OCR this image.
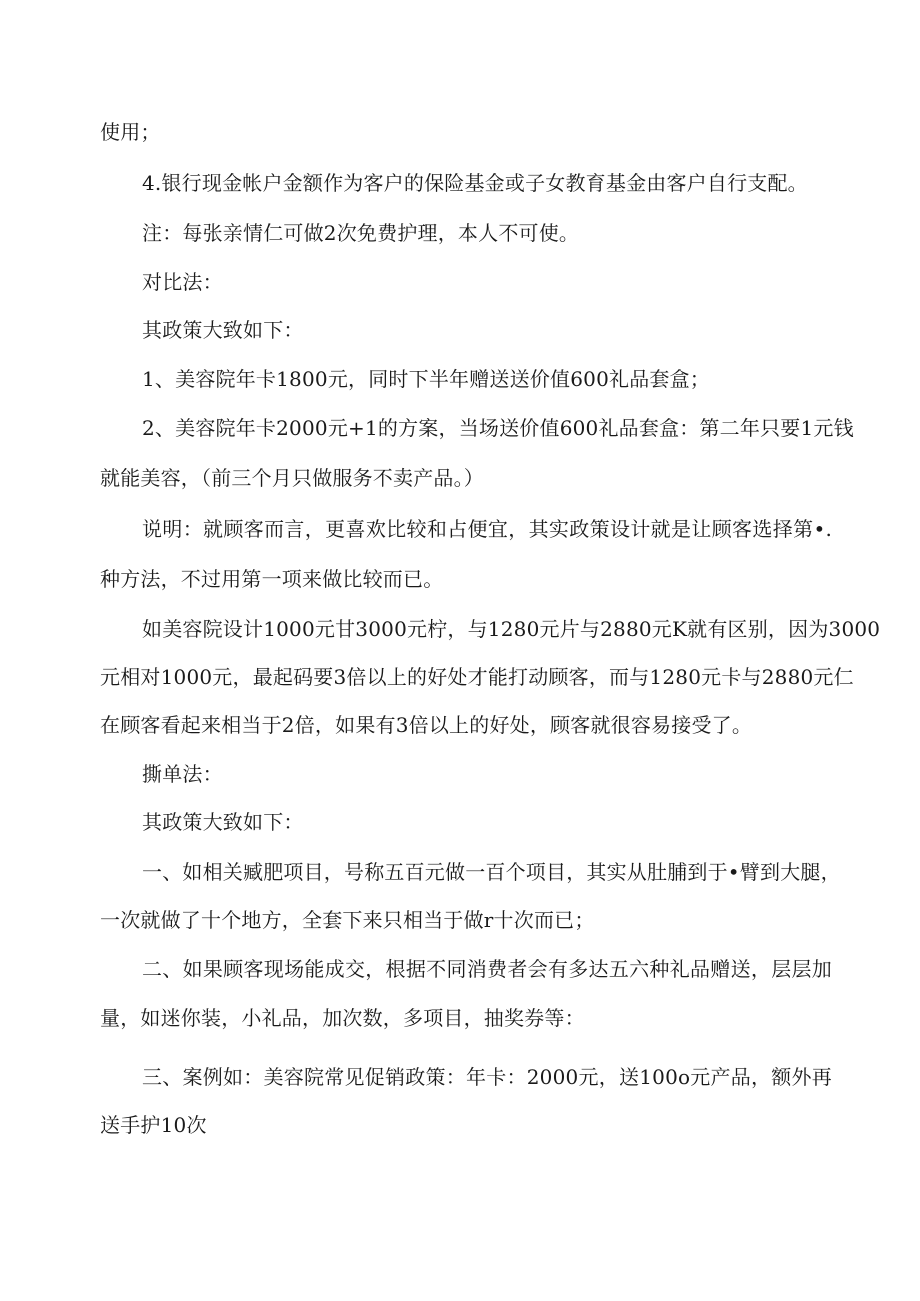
使用；
4.银行现金帐户金额作为客户的保险基金或子女教育基金由客户自行支配。
注：每张亲情仁可做2次免费护理，本人不可使。
对比法：
其政策大致如下：
1、美容院年卡1800元，同时下半年赠送送价值600礼品套盒；
2、美容院年卡2000元+1的方案，当场送价值600礼品套盒：第二年只要1元钱
就能美容，（前三个月只做服务不卖产品。）
说明：就顾客而言，更喜欢比较和占便宜，其实政策设计就是让顾客选择第•.
种方法，不过用第一项来做比较而已。
如美容院设计1000元甘3000元柠，与1280元片与2880元K就有区别，因为3000
元相对1000元，最起码要3倍以上的好处才能打动顾客，而与1280元卡与2880元仁
在顾客看起来相当于2倍，如果有3倍以上的好处，顾客就很容易接受了。
撕单法：
其政策大致如下：
一、如相关臧肥项目，号称五百元做一百个项目，其实从肚脯到于•臂到大腿，
一次就做了十个地方，全套下来只相当于做r十次而已；
二、如果顾客现场能成交，根据不同消费者会有多达五六种礼品赠送，层层加
量，如迷你装，小礼品，加次数，多项目，抽奖券等：
三、案例如：美容院常见促销政策：年卡：2000元，送100o元产品，额外再
送手护10次
